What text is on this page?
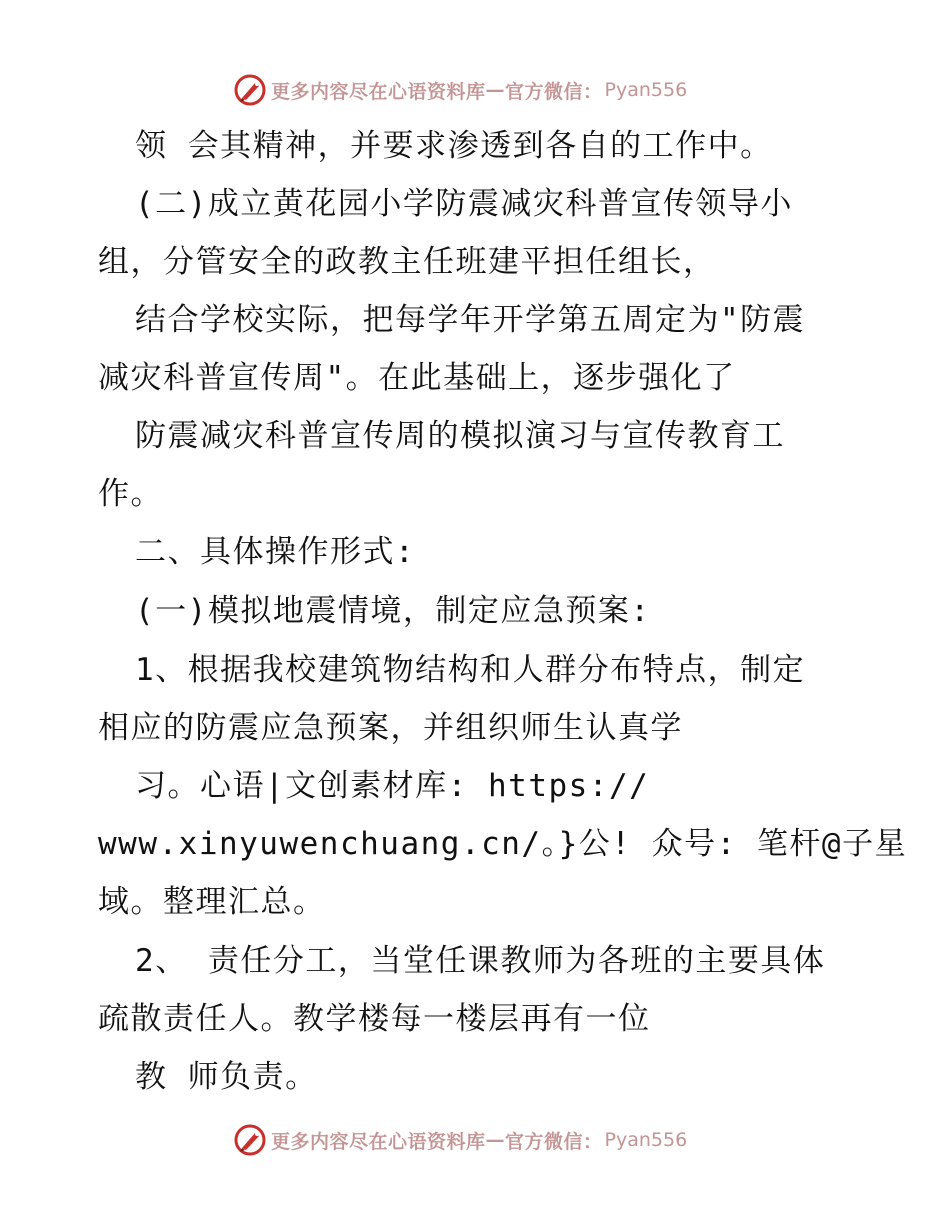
更多内容尽在心语资料库 — 官方微信： Pyan556
领 会其精神，并要求渗透到各自的工作中。
(二)成立黄花园小学防震减灾科普宣传领导小
组，分管安全的政教主任班建平担任组长，
结合学校实际，把每学年开学第五周定为"防震
减灾科普宣传周"。在此基础上，逐步强化了
防震减灾科普宣传周的模拟演习与宣传教育工
作。
二、具体操作形式:
(一)模拟地震情境，制定应急预案:
1、根据我校建筑物结构和人群分布特点，制定
相应的防震应急预案，并组织师生认真学
习。心语|文创素材库: https://
www.xinyuwenchuang.cn/。}公! 众号: 笔杆@子星
域。整理汇总。
2、 责任分工，当堂任课教师为各班的主要具体
疏散责任人。教学楼每一楼层再有一位
教 师负责。
更多内容尽在心语资料库 — 官方微信： Pyan556
